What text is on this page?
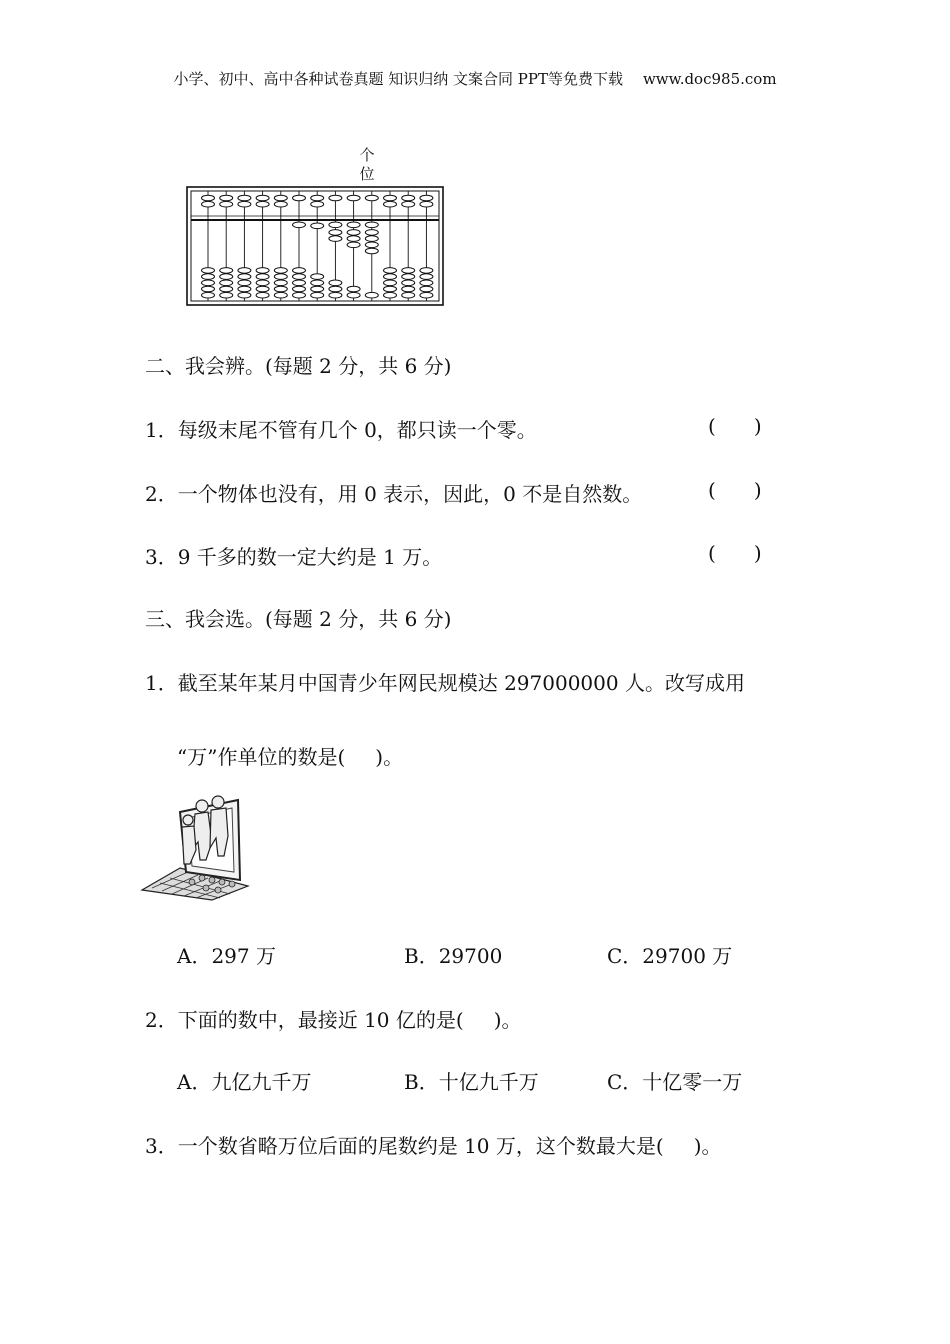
小学、初中、高中各种试卷真题 知识归纳 文案合同 PPT等免费下载 www.doc985.com
个
位
二、我会辨。(每题 2 分，共 6 分)
1．每级末尾不管有几个 0，都只读一个零。	( )
2．一个物体也没有，用 0 表示，因此，0 不是自然数。	( )
3．9 千多的数一定大约是 1 万。	( )
三、我会选。(每题 2 分，共 6 分)
1．截至某年某月中国青少年网民规模达 297000000 人。改写成用
“万”作单位的数是( )。
A．297 万	B．29700	C．29700 万
2．下面的数中，最接近 10 亿的是( )。
A．九亿九千万	B．十亿九千万	C．十亿零一万
3．一个数省略万位后面的尾数约是 10 万，这个数最大是( )。
